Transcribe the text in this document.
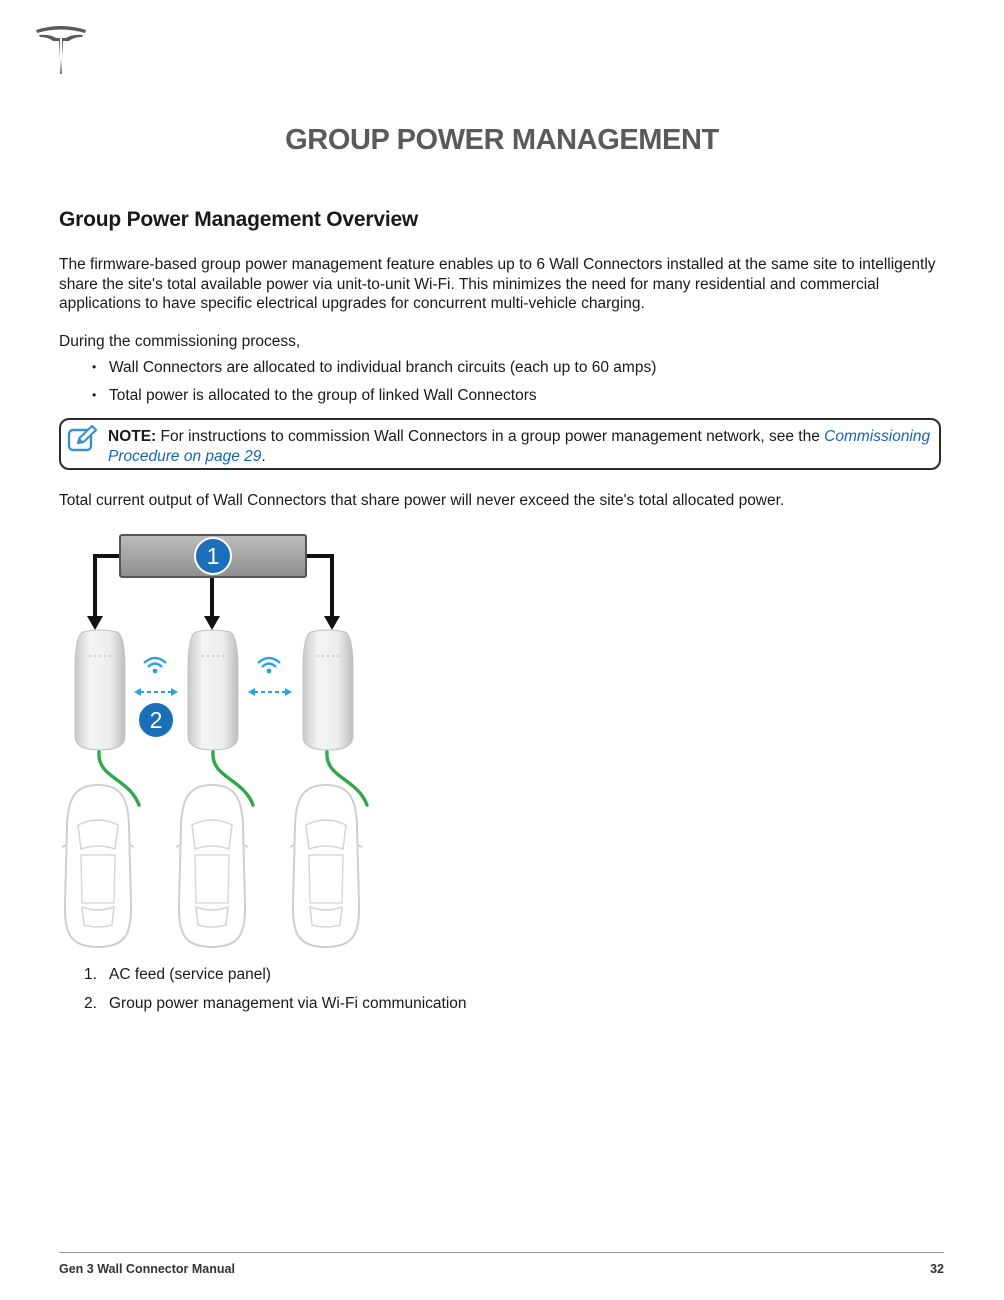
GROUP POWER MANAGEMENT
Group Power Management Overview

The firmware-based group power management feature enables up to 6 Wall Connectors installed at the same site to intelligently share the site's total available power via unit-to-unit Wi-Fi. This minimizes the need for many residential and commercial applications to have specific electrical upgrades for concurrent multi-vehicle charging.

During the commissioning process,

• Wall Connectors are allocated to individual branch circuits (each up to 60 amps)
• Total power is allocated to the group of linked Wall Connectors
NOTE: For instructions to commission Wall Connectors in a group power management network, see the Commissioning Procedure on page 29.

Total current output of Wall Connectors that share power will never exceed the site's total allocated power.

1
2
1. AC feed (service panel)
2. Group power management via Wi-Fi communication
Gen 3 Wall Connector Manual	32
